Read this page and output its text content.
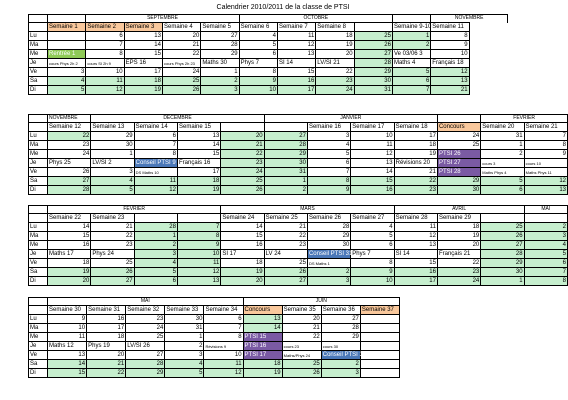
Calendrier 2010/2011 de la classe de PTSI
		SEPTEMBRE				OCTOBRE					NOVEMBRE
	Semaine 1	Semaine 2	Semaine 3	Semaine 4	Semaine 5	Semaine 6	Semaine 7	Semaine 8		Semaine 9-10	Semaine 11
Lu		6	13	20	27	4	11	18	25	1	8
Ma		7	14	21	28	5	12	19	26	2	9
Me	Rentrée 1	8	15	22	29	6	13	20	27	Ve 03/06 3	10
Je	cours Phys 2h 2	cours SI 2h 9	EPS 16	cours Phys 2h 23	Maths 30	Phys 7	SI 14	LV/SI 21	28	Maths 4	Français 18
Ve	3	10	17	24	1	8	15	22	29	5	12
Sa	4	11	18	25	2	9	16	23	30	6	13
Di	5	12	19	26	3	10	17	24	31	7	21
	NOVEMBRE	DÉCEMBRE				JANVIER					FÉVRIER	
	Semaine 12	Semaine 13	Semaine 14	Semaine 15			Semaine 16	Semaine 17	Semaine 18	Concours	Semaine 20	Semaine 21
Lu	22	29	6	13	20	27	3	10	17	24	31	7
Ma	23	30	7	14	21	28	4	11	18	25	1	8
Me	24	1	8	15	22	29	5	12	19	PTSI 26	2	9
Je	Phys 25	LV/SI 2	Conseil PTSI 9	Français 16	23	30	6	13	Révisions 20	PTSI 27	cours 3	cours 10
Ve	26	3	DS Maths 10	17	24	31	7	14	21	PTSI 28	Maths Phys 4	Maths Phys 11
Sa	27	4	11	18	25	1	8	15	22	29	5	12
Di	28	5	12	19	26	2	9	16	23	30	6	13
	FÉVRIER				MARS				AVRIL			MAI
	Semaine 22	Semaine 23			Semaine 24	Semaine 25	Semaine 26	Semaine 27	Semaine 28	Semaine 29		
Lu	14	21	28	7	14	21	28	4	11	18	25	2
Ma	15	22	1	8	15	22	29	5	12	19	26	3
Me	16	23	2	9	16	23	30	6	13	20	27	4
Je	Maths 17	Phys 24	3	10	SI 17	LV 24	Conseil PTSI 31	Phys 7	SI 14	Français 21	28	5
Ve	18	25	4	11	18	25	DS Maths 1	8	15	22	29	6
Sa	19	26	5	12	19	26	2	9	16	23	30	7
Di	20	27	6	13	20	27	3	10	17	24	1	8
	MAI					JUIN			
	Semaine 30	Semaine 31	Semaine 32	Semaine 33	Semaine 34	Concours	Semaine 35	Semaine 36	Semaine 37
Lu	9	16	23	30	6	13	20	27	
Ma	10	17	24	31	7	14	21	28	
Me	11	18	25	1	8	PTSI 15	22	29	
Je	Maths 12	Phys 19	LV/SI 26	2	Révisions 9	PTSI 16	cours 23	cours 30	
Ve	13	20	27	3	10	PTSI 17	Maths/Phys 24	Conseil PTSI 31	
Sa	14	21	28	4	11	18	25	2	
Di	15	22	29	5	12	19	26	3	
